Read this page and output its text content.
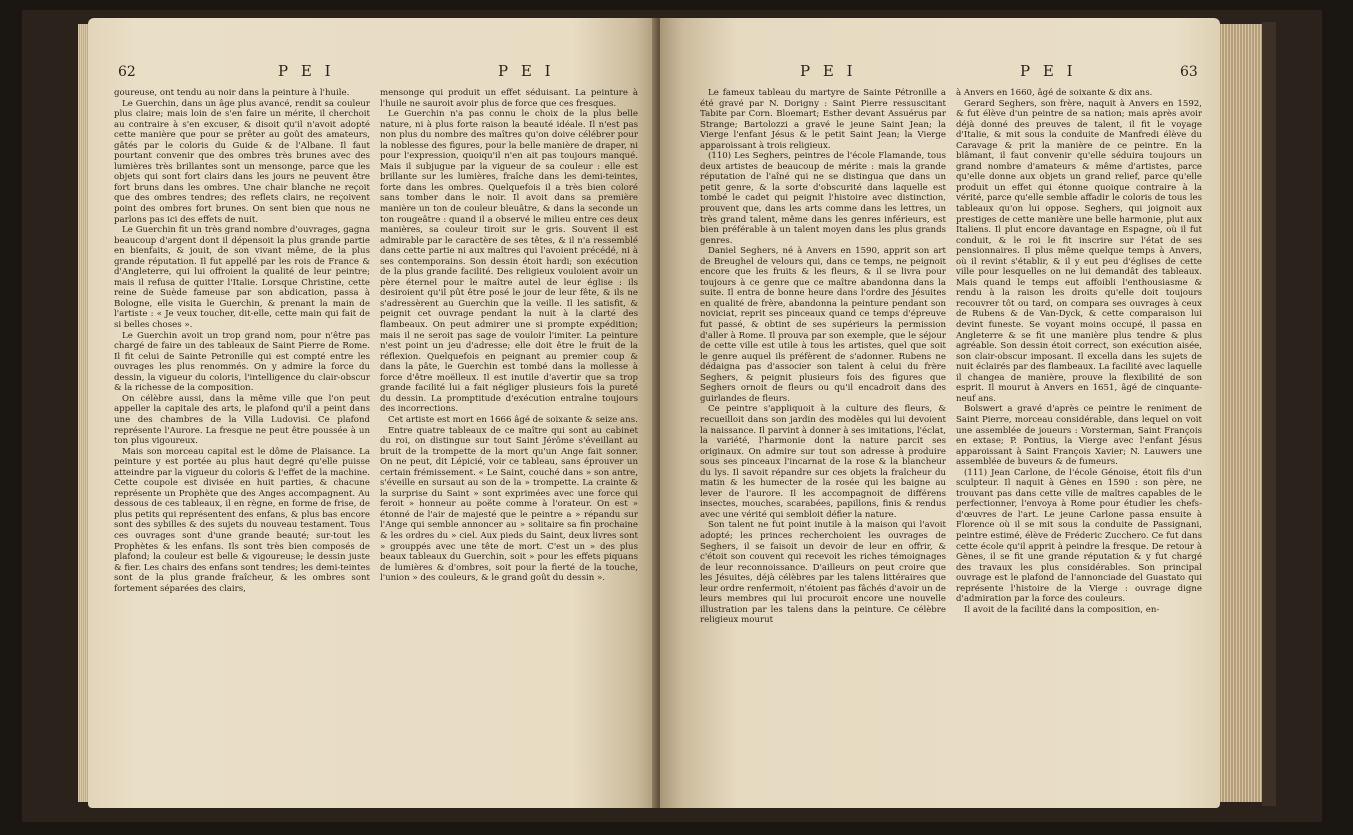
62	P E I	P E I

goureuse, ont tendu au noir dans la peinture à l'huile.

Le Guerchin, dans un âge plus avancé, rendit sa couleur plus claire; mais loin de s'en faire un mérite, il cherchoit au contraire à s'en excuser, & disoit qu'il n'avoit adopté cette manière que pour se prêter au goût des amateurs, gâtés par le coloris du Guide & de l'Albane. Il faut pourtant convenir que des ombres très brunes avec des lumières très brillantes sont un mensonge, parce que les objets qui sont fort clairs dans les jours ne peuvent être fort bruns dans les ombres. Une chair blanche ne reçoit que des ombres tendres; des reflets clairs, ne reçoivent point des ombres fort brunes. On sent bien que nous ne parlons pas ici des effets de nuit.

Le Guerchin fit un très grand nombre d'ouvrages, gagna beaucoup d'argent dont il dépensoit la plus grande partie en bienfaits, & jouit, de son vivant même, de la plus grande réputation. Il fut appellé par les rois de France & d'Angleterre, qui lui offroient la qualité de leur peintre; mais il refusa de quitter l'Italie. Lorsque Christine, cette reine de Suède fameuse par son abdication, passa à Bologne, elle visita le Guerchin, & prenant la main de l'artiste : « Je veux toucher, dit-elle, cette main qui fait de si belles choses ».

Le Guerchin avoit un trop grand nom, pour n'être pas chargé de faire un des tableaux de Saint Pierre de Rome. Il fit celui de Sainte Petronille qui est compté entre les ouvrages les plus renommés. On y admire la force du dessin, la vigueur du coloris, l'intelligence du clair-obscur & la richesse de la composition.

On célèbre aussi, dans la même ville que l'on peut appeller la capitale des arts, le plafond qu'il a peint dans une des chambres de la Villa Ludovisi. Ce plafond représente l'Aurore. La fresque ne peut être poussée à un ton plus vigoureux.

Mais son morceau capital est le dôme de Plaisance. La peinture y est portée au plus haut degré qu'elle puisse atteindre par la vigueur du coloris & l'effet de la machine. Cette coupole est divisée en huit parties, & chacune représente un Prophète que des Anges accompagnent. Au dessous de ces tableaux, il en règne, en forme de frise, de plus petits qui représentent des enfans, & plus bas encore sont des sybilles & des sujets du nouveau testament. Tous ces ouvrages sont d'une grande beauté; sur-tout les Prophètes & les enfans. Ils sont très bien composés de plafond; la couleur est belle & vigoureuse; le dessin juste & fier. Les chairs des enfans sont tendres; les demi-teintes sont de la plus grande fraîcheur, & les ombres sont fortement séparées des clairs,

mensonge qui produit un effet séduisant. La peinture à l'huile ne sauroit avoir plus de force que ces fresques.

Le Guerchin n'a pas connu le choix de la plus belle nature, ni à plus forte raison la beauté idéale. Il n'est pas non plus du nombre des maîtres qu'on doive célébrer pour la noblesse des figures, pour la belle manière de draper, ni pour l'expression, quoiqu'il n'en ait pas toujours manqué. Mais il subjugue par la vigueur de sa couleur : elle est brillante sur les lumières, fraîche dans les demi-teintes, forte dans les ombres. Quelquefois il a très bien coloré sans tomber dans le noir. Il avoit dans sa première manière un ton de couleur bleuâtre, & dans la seconde un ton rougeâtre : quand il a observé le milieu entre ces deux manières, sa couleur tiroit sur le gris. Souvent il est admirable par le caractère de ses têtes, & il n'a ressemblé dans cette partie ni aux maîtres qui l'avoient précédé, ni à ses contemporains. Son dessin étoit hardi; son exécution de la plus grande facilité. Des religieux vouloient avoir un père éternel pour le maître autel de leur église : ils desiroient qu'il pût être posé le jour de leur fête, & ils ne s'adressèrent au Guerchin que la veille. Il les satisfit, & peignit cet ouvrage pendant la nuit à la clarté des flambeaux. On peut admirer une si prompte expédition; mais il ne seroit pas sage de vouloir l'imiter. La peinture n'est point un jeu d'adresse; elle doit être le fruit de la réflexion. Quelquefois en peignant au premier coup & dans la pâte, le Guerchin est tombé dans la mollesse à force d'être moëlleux. Il est inutile d'avertir que sa trop grande facilité lui a fait négliger plusieurs fois la pureté du dessin. La promptitude d'exécution entraîne toujours des incorrections.

Cet artiste est mort en 1666 âgé de soixante & seize ans.

Entre quatre tableaux de ce maître qui sont au cabinet du roi, on distingue sur tout Saint Jérôme s'éveillant au bruit de la trompette de la mort qu'un Ange fait sonner. On ne peut, dit Lépicié, voir ce tableau, sans éprouver un certain frémissement. « Le Saint, couché dans » son antre, s'éveille en sursaut au son de la » trompette. La crainte & la surprise du Saint » sont exprimées avec une force qui feroit » honneur au poëte comme à l'orateur. On est » étonné de l'air de majesté que le peintre a » répandu sur l'Ange qui semble annoncer au » solitaire sa fin prochaine & les ordres du » ciel. Aux pieds du Saint, deux livres sont » grouppés avec une tête de mort. C'est un » des plus beaux tableaux du Guerchin, soit » pour les effets piquans de lumières & d'ombres, soit pour la fierté de la touche, l'union » des couleurs, & le grand goût du dessin ».

P E I	P E I	63

Le fameux tableau du martyre de Sainte Pétronille a été gravé par N. Dorigny : Saint Pierre ressuscitant Tabite par Corn. Bloemart; Esther devant Assuérus par Strange; Bartolozzi a gravé le jeune Saint Jean; la Vierge l'enfant Jésus & le petit Saint Jean; la Vierge apparoissant à trois religieux.

(110) Les Seghers, peintres de l'école Flamande, tous deux artistes de beaucoup de mérite : mais la grande réputation de l'aîné qui ne se distingua que dans un petit genre, & la sorte d'obscurité dans laquelle est tombé le cadet qui peignit l'histoire avec distinction, prouvent que, dans les arts comme dans les lettres, un très grand talent, même dans les genres inférieurs, est bien préférable à un talent moyen dans les plus grands genres.

Daniel Seghers, né à Anvers en 1590, apprit son art de Breughel de velours qui, dans ce temps, ne peignoit encore que les fruits & les fleurs, & il se livra pour toujours à ce genre que ce maître abandonna dans la suite. Il entra de bonne heure dans l'ordre des Jésuites en qualité de frère, abandonna la peinture pendant son noviciat, reprit ses pinceaux quand ce temps d'épreuve fut passé, & obtint de ses supérieurs la permission d'aller à Rome. Il prouva par son exemple, que le séjour de cette ville est utile à tous les artistes, quel que soit le genre auquel ils préfèrent de s'adonner. Rubens ne dédaigna pas d'associer son talent à celui du frère Seghers, & peignit plusieurs fois des figures que Seghers ornoit de fleurs ou qu'il encadroit dans des guirlandes de fleurs.

Ce peintre s'appliquoit à la culture des fleurs, & recueilloit dans son jardin des modèles qui lui devoient la naissance. Il parvint à donner à ses imitations, l'éclat, la variété, l'harmonie dont la nature parcit ses originaux. On admire sur tout son adresse à produire sous ses pinceaux l'incarnat de la rose & la blancheur du lys. Il savoit répandre sur ces objets la fraîcheur du matin & les humecter de la rosée qui les baigne au lever de l'aurore. Il les accompagnoit de différens insectes, mouches, scarabées, papillons, finis & rendus avec une vérité qui sembloit défier la nature.

Son talent ne fut point inutile à la maison qui l'avoit adopté; les princes recherchoient les ouvrages de Seghers, il se faisoit un devoir de leur en offrir, & c'étoit son couvent qui recevoit les riches témoignages de leur reconnoissance. D'ailleurs on peut croire que les Jésuites, déjà célèbres par les talens littéraires que leur ordre renfermoit, n'étoient pas fâchés d'avoir un de leurs membres qui lui procuroit encore une nouvelle illustration par les talens dans la peinture. Ce célèbre religieux mourut

à Anvers en 1660, âgé de soixante & dix ans.

Gerard Seghers, son frère, naquit à Anvers en 1592, & fut élève d'un peintre de sa nation; mais après avoir déjà donné des preuves de talent, il fit le voyage d'Italie, & mit sous la conduite de Manfredi élève du Caravage & prit la manière de ce peintre. En la blâmant, il faut convenir qu'elle séduira toujours un grand nombre d'amateurs & même d'artistes, parce qu'elle donne aux objets un grand relief, parce qu'elle produit un effet qui étonne quoique contraire à la vérité, parce qu'elle semble affadir le coloris de tous les tableaux qu'on lui oppose. Seghers, qui joignoit aux prestiges de cette manière une belle harmonie, plut aux Italiens. Il plut encore davantage en Espagne, où il fut conduit, & le roi le fit inscrire sur l'état de ses pensionnaires. Il plus même quelque temps à Anvers, où il revint s'établir, & il y eut peu d'églises de cette ville pour lesquelles on ne lui demandât des tableaux. Mais quand le temps eut affoibli l'enthousiasme & rendu à la raison les droits qu'elle doit toujours recouvrer tôt ou tard, on compara ses ouvrages à ceux de Rubens & de Van-Dyck, & cette comparaison lui devint funeste. Se voyant moins occupé, il passa en Angleterre & se fit une manière plus tendre & plus agréable. Son dessin étoit correct, son exécution aisée, son clair-obscur imposant. Il excella dans les sujets de nuit éclairés par des flambeaux. La facilité avec laquelle il changea de manière, prouve la flexibilité de son esprit. Il mourut à Anvers en 1651, âgé de cinquante-neuf ans.

Bolswert a gravé d'après ce peintre le reniment de Saint Pierre, morceau considérable, dans lequel on voit une assemblée de joueurs : Vorsterman, Saint François en extase; P. Pontius, la Vierge avec l'enfant Jésus apparoissant à Saint François Xavier; N. Lauwers une assemblée de buveurs & de fumeurs.

(111) Jean Carlone, de l'école Génoise, étoit fils d'un sculpteur. Il naquit à Gènes en 1590 : son père, ne trouvant pas dans cette ville de maîtres capables de le perfectionner, l'envoya à Rome pour étudier les chefs-d'œuvres de l'art. Le jeune Carlone passa ensuite à Florence où il se mit sous la conduite de Passignani, peintre estimé, élève de Fréderic Zucchero. Ce fut dans cette école qu'il apprit à peindre la fresque. De retour à Gènes, il se fit une grande réputation & y fut chargé des travaux les plus considérables. Son principal ouvrage est le plafond de l'annonciade del Guastato qui représente l'histoire de la Vierge : ouvrage digne d'admiration par la force des couleurs.

Il avoit de la facilité dans la composition, en-
